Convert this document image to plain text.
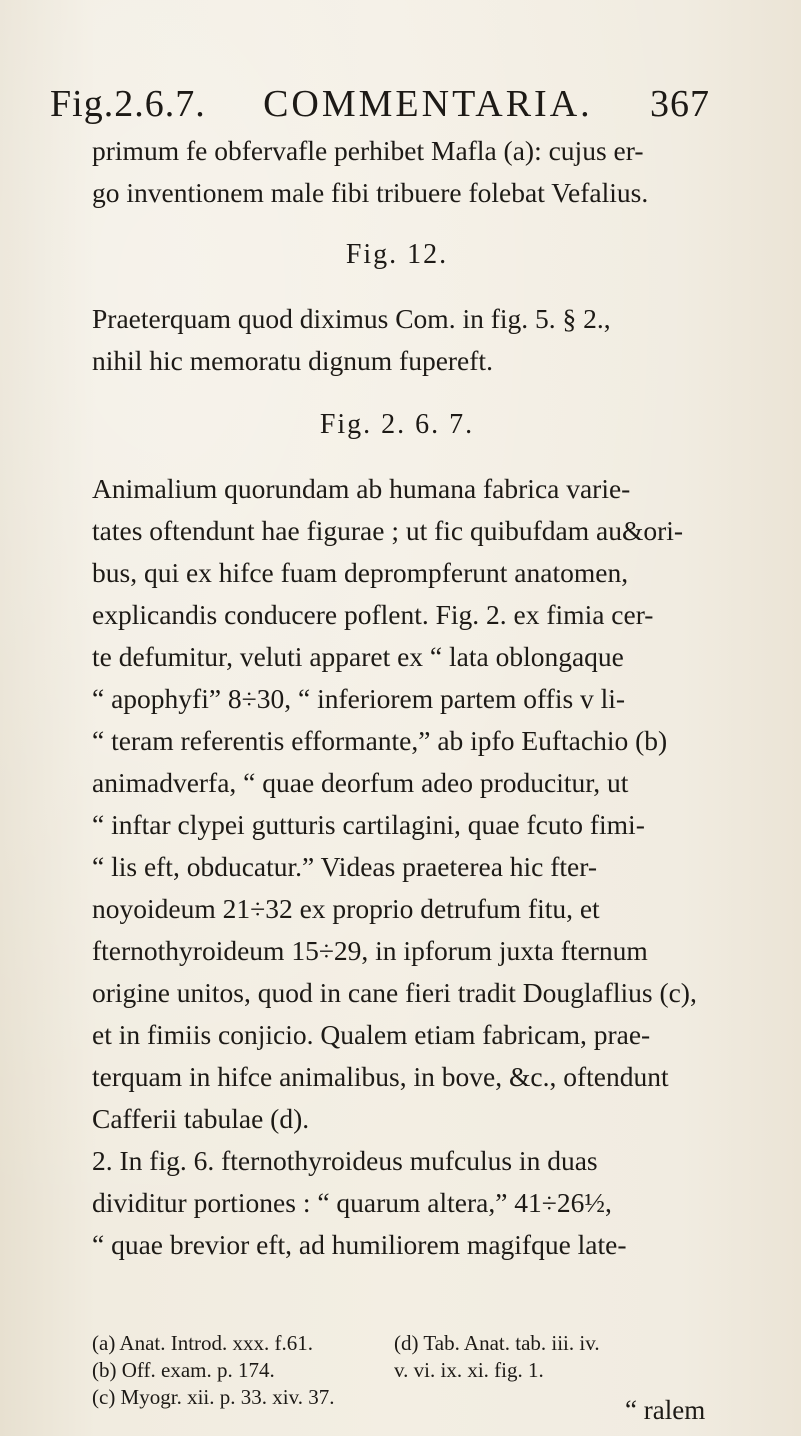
Fig.2.6.7. COMMENTARIA. 367
primum fe obfervafle perhibet Mafla (a): cujus er-
go inventionem male fibi tribuere folebat Vefalius.
Fig. 12.
Praeterquam quod diximus Com. in fig. 5. § 2.,
nihil hic memoratu dignum fupereft.
Fig. 2. 6. 7.
Animalium quorundam ab humana fabrica varie-
tates oftendunt hae figurae ; ut fic quibufdam au&ori-
bus, qui ex hifce fuam deprompferunt anatomen,
explicandis conducere poflent. Fig. 2. ex fimia cer-
te defumitur, veluti apparet ex “ lata oblongaque
“ apophyfi” 8÷30, “ inferiorem partem offis v li-
“ teram referentis efformante,” ab ipfo Euftachio (b)
animadverfa, “ quae deorfum adeo producitur, ut
“ inftar clypei gutturis cartilagini, quae fcuto fimi-
“ lis eft, obducatur.” Videas praeterea hic fter-
noyoideum 21÷32 ex proprio detrufum fitu, et
fternothyroideum 15÷29, in ipforum juxta fternum
origine unitos, quod in cane fieri tradit Douglaflius (c),
et in fimiis conjicio. Qualem etiam fabricam, prae-
terquam in hifce animalibus, in bove, &c., oftendunt
Cafferii tabulae (d).
2. In fig. 6. fternothyroideus mufculus in duas
dividitur portiones : “ quarum altera,” 41÷26½,
“ quae brevior eft, ad humiliorem magifque late-
(a) Anat. Introd. xxx. f.61.
(b) Off. exam. p. 174.
(c) Myogr. xii. p. 33. xiv. 37.
(d) Tab. Anat. tab. iii. iv.
v. vi. ix. xi. fig. 1.
“ ralem
